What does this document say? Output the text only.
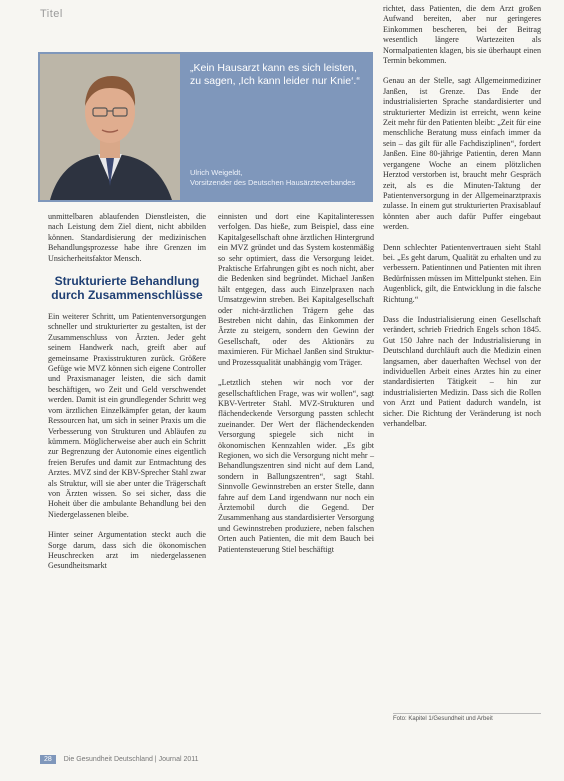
Titel
„Kein Hausarzt kann es sich leisten, zu sagen, ‚Ich kann leider nur Knie‘.“
Ulrich Weigeldt,
Vorsitzender des Deutschen Hausärzteverbandes

unmittelbaren ablaufenden Dienstleisten, die nach Leistung dem Ziel dient, nicht abbilden können. Standardisierung der medizinischen Behandlungsprozesse habe ihre Grenzen im Unsicherheitsfaktor Mensch.

Strukturierte Behandlung durch Zusammenschlüsse

Ein weiterer Schritt, um Patientenversorgungen schneller und strukturierter zu gestalten, ist der Zusammenschluss von Ärzten. Jeder geht seinem Handwerk nach, greift aber auf gemeinsame Praxisstrukturen zurück. Größere Gefüge wie MVZ können sich eigene Controller und Praxismanager leisten, die sich damit beschäftigen, wo Zeit und Geld verschwendet werden. Damit ist ein grundlegender Schritt weg vom ärztlichen Einzelkämpfer getan, der kaum Ressourcen hat, um sich in seiner Praxis um die Verbesserung von Strukturen und Abläufen zu kümmern. Möglicherweise aber auch ein Schritt zur Begrenzung der Autonomie eines eigentlich freien Berufes und damit zur Entmachtung des Arztes. MVZ sind der KBV-Sprecher Stahl zwar als Struktur, will sie aber unter die Trägerschaft von Ärzten wissen. So sei sicher, dass die Hoheit über die ambulante Behandlung bei den Niedergelassenen bleibe.

Hinter seiner Argumentation steckt auch die Sorge darum, dass sich die ökonomischen Heuschrecken arzt im niedergelassenen Gesundheitsmarkt

einnisten und dort eine Kapitalinteressen verfolgen. Das hieße, zum Beispiel, dass eine Kapitalgesellschaft ohne ärztlichen Hintergrund ein MVZ gründet und das System kostenmäßig so sehr optimiert, dass die Versorgung leidet. Praktische Erfahrungen gibt es noch nicht, aber die Bedenken sind begründet. Michael Janßen hält entgegen, dass auch Einzelpraxen nach Umsatzgewinn streben. Bei Kapitalgesellschaft oder nicht-ärztlichen Trägern gehe das Bestreben nicht dahin, das Einkommen der Ärzte zu steigern, sondern den Gewinn der Gesellschaft, oder des Aktionärs zu maximieren. Für Michael Janßen sind Struktur- und Prozessqualität unabhängig vom Träger.

„Letztlich stehen wir noch vor der gesellschaftlichen Frage, was wir wollen“, sagt KBV-Vertreter Stahl. MVZ-Strukturen und flächendeckende Versorgung passten schlecht zueinander. Der Wert der flächendeckenden Versorgung spiegele sich nicht in ökonomischen Kennzahlen wider. „Es gibt Regionen, wo sich die Versorgung nicht mehr – Behandlungszentren sind nicht auf dem Land, sondern in Ballungszentren“, sagt Stahl. Sinnvolle Gewinnstreben an erster Stelle, dann fahre auf dem Land irgendwann nur noch ein Ärztemobil durch die Gegend. Der Zusammenhang aus standardisierter Versorgung und Gewinnstreben produziere, neben falschen Orten auch Patienten, die mit dem Bauch bei Patientensteuerung Stiel beschäftigt

richtet, dass Patienten, die dem Arzt großen Aufwand bereiten, aber nur geringeres Einkommen bescheren, bei der Beitrag wesentlich längere Wartezeiten als Normalpatienten klagen, bis sie überhaupt einen Termin bekommen.

Genau an der Stelle, sagt Allgemeinmediziner Janßen, ist Grenze. Das Ende der industrialisierten Sprache standardisierter und strukturierter Medizin ist erreicht, wenn keine Zeit mehr für den Patienten bleibt: „Zeit für eine menschliche Beratung muss einfach immer da sein – das gilt für alle Fachdisziplinen“, fordert Janßen. Eine 80-jährige Patientin, deren Mann vergangene Woche an einem plötzlichen Herztod verstorben ist, braucht mehr Gespräch zeit, als es die Minuten-Taktung der Patientenversorgung in der Allgemeinarztpraxis zulasse. In einem gut strukturierten Praxisablauf könnten aber auch dafür Puffer eingebaut werden.

Denn schlechter Patientenvertrauen sieht Stahl bei. „Es geht darum, Qualität zu erhalten und zu verbessern. Patientinnen und Patienten mit ihren Bedürfnissen müssen im Mittelpunkt stehen. Ein Augenblick, gilt, die Entwicklung in die falsche Richtung.“

Dass die Industrialisierung einen Gesellschaft verändert, schrieb Friedrich Engels schon 1845. Gut 150 Jahre nach der Industrialisierung in Deutschland durchläuft auch die Medizin einen langsamen, aber dauerhaften Wechsel von der individuellen Arbeit eines Arztes hin zu einer standardisierten Tätigkeit – hin zur industrialisierten Medizin. Dass sich die Rollen von Arzt und Patient dadurch wandeln, ist sicher. Die Richtung der Veränderung ist noch verhandelbar.

Foto: Kapitel 1/Gesundheit und Arbeit
28 Die Gesundheit Deutschland | Journal 2011
